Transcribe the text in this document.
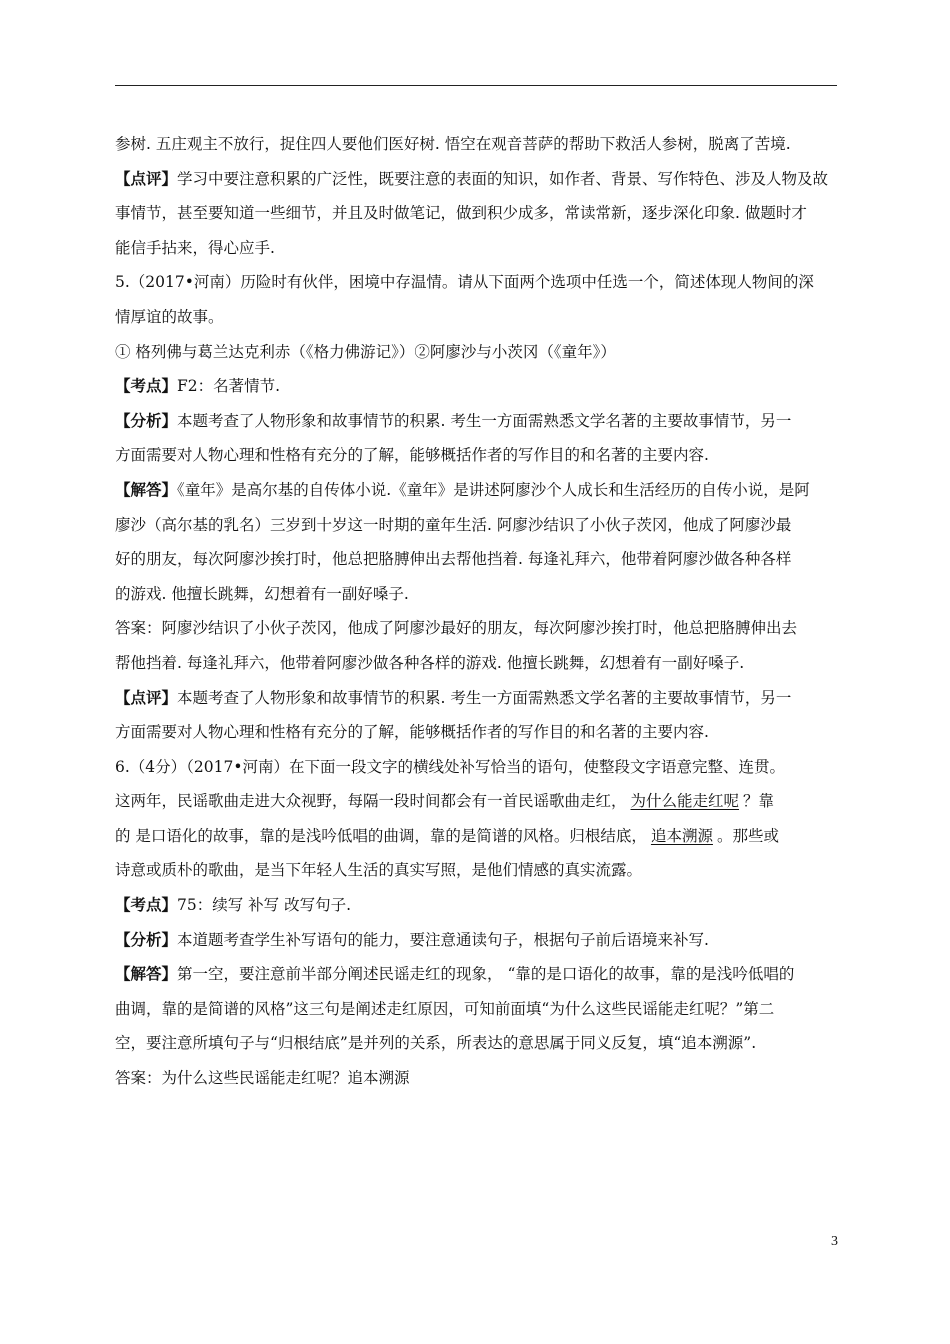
参树. 五庄观主不放行，捉住四人要他们医好树. 悟空在观音菩萨的帮助下救活人参树，脱离了苦境.

【点评】学习中要注意积累的广泛性，既要注意的表面的知识，如作者、背景、写作特色、涉及人物及故

事情节，甚至要知道一些细节，并且及时做笔记，做到积少成多，常读常新，逐步深化印象. 做题时才

能信手拈来，得心应手.

5.（2017•河南）历险时有伙伴，困境中存温情。请从下面两个选项中任选一个，简述体现人物间的深

情厚谊的故事。

① 格列佛与葛兰达克利赤（《格力佛游记》）②阿廖沙与小茨冈（《童年》）

【考点】F2：名著情节.

【分析】本题考查了人物形象和故事情节的积累. 考生一方面需熟悉文学名著的主要故事情节，另一

方面需要对人物心理和性格有充分的了解，能够概括作者的写作目的和名著的主要内容.

【解答】《童年》是高尔基的自传体小说.《童年》是讲述阿廖沙个人成长和生活经历的自传小说，是阿

廖沙（高尔基的乳名）三岁到十岁这一时期的童年生活. 阿廖沙结识了小伙子茨冈，他成了阿廖沙最

好的朋友，每次阿廖沙挨打时，他总把胳膊伸出去帮他挡着. 每逢礼拜六，他带着阿廖沙做各种各样

的游戏. 他擅长跳舞，幻想着有一副好嗓子.

答案：阿廖沙结识了小伙子茨冈，他成了阿廖沙最好的朋友，每次阿廖沙挨打时，他总把胳膊伸出去

帮他挡着. 每逢礼拜六，他带着阿廖沙做各种各样的游戏. 他擅长跳舞，幻想着有一副好嗓子.

【点评】本题考查了人物形象和故事情节的积累. 考生一方面需熟悉文学名著的主要故事情节，另一

方面需要对人物心理和性格有充分的了解，能够概括作者的写作目的和名著的主要内容.

6.（4分）（2017•河南）在下面一段文字的横线处补写恰当的语句，使整段文字语意完整、连贯。

这两年，民谣歌曲走进大众视野，每隔一段时间都会有一首民谣歌曲走红， 为什么能走红呢 ？靠

的 是口语化的故事，靠的是浅吟低唱的曲调，靠的是简谱的风格。归根结底， 追本溯源 。那些或

诗意或质朴的歌曲，是当下年轻人生活的真实写照，是他们情感的真实流露。

【考点】75：续写 补写 改写句子.

【分析】本道题考查学生补写语句的能力，要注意通读句子，根据句子前后语境来补写.

【解答】第一空，要注意前半部分阐述民谣走红的现象， “靠的是口语化的故事，靠的是浅吟低唱的

曲调，靠的是简谱的风格”这三句是阐述走红原因，可知前面填“为什么这些民谣能走红呢？”第二

空，要注意所填句子与“归根结底”是并列的关系，所表达的意思属于同义反复，填“追本溯源”.

答案：为什么这些民谣能走红呢？追本溯源

3
